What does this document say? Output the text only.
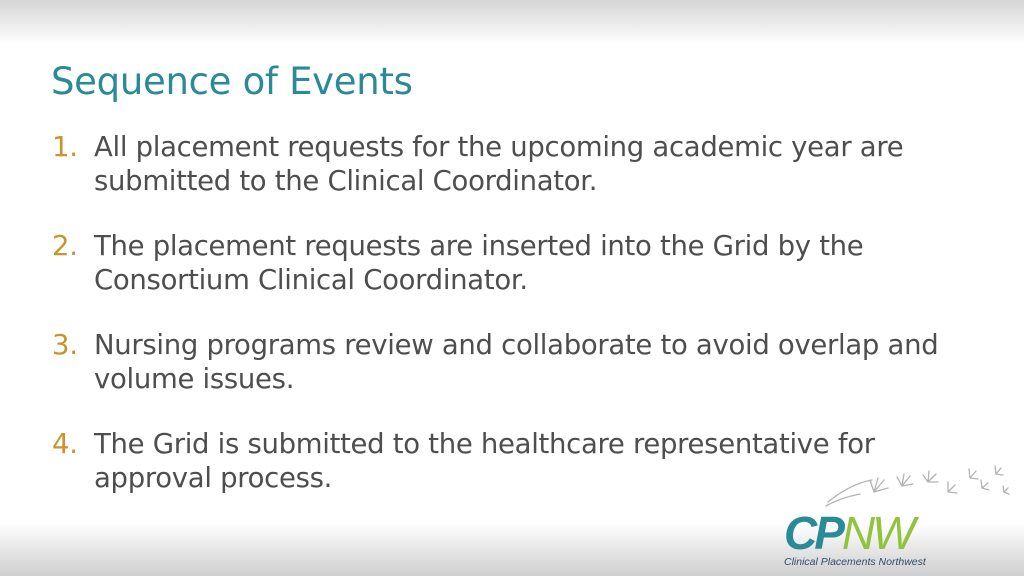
Sequence of Events
1. All placement requests for the upcoming academic year are submitted to the Clinical Coordinator.
2. The placement requests are inserted into the Grid by the Consortium Clinical Coordinator.
3. Nursing programs review and collaborate to avoid overlap and volume issues.
4. The Grid is submitted to the healthcare representative for approval process.
CPNW
Clinical Placements Northwest
